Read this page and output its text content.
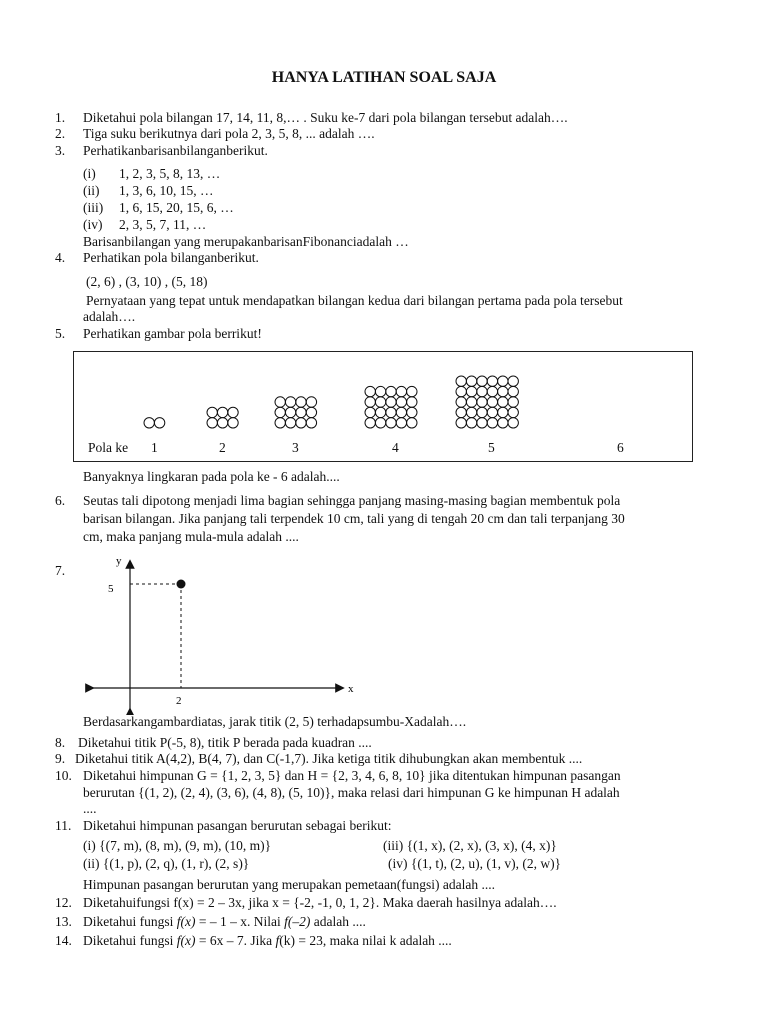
HANYA LATIHAN SOAL SAJA
1.	Diketahui pola bilangan 17, 14, 11, 8,… . Suku ke-7 dari pola bilangan tersebut adalah….
2.	Tiga suku berikutnya dari pola 2, 3, 5, 8, ... adalah ….
3.	Perhatikanbarisanbilanganberikut.
(i) 1, 2, 3, 5, 8, 13, …
(ii) 1, 3, 6, 10, 15, …
(iii) 1, 6, 15, 20, 15, 6, …
(iv) 2, 3, 5, 7, 11, …
Barisanbilangan yang merupakanbarisanFibonanciadalah …
4.	Perhatikan pola bilanganberikut.
(2, 6) , (3, 10) , (5, 18)
Pernyataan yang tepat untuk mendapatkan bilangan kedua dari bilangan pertama pada pola tersebut
adalah….
5.	Perhatikan gambar pola berrikut!
Pola ke 1	2	3	4	5	6
Banyaknya lingkaran pada pola ke - 6 adalah....
6.	Seutas tali dipotong menjadi lima bagian sehingga panjang masing-masing bagian membentuk pola
barisan bilangan. Jika panjang tali terpendek 10 cm, tali yang di tengah 20 cm dan tali terpanjang 30
cm, maka panjang mula-mula adalah ....
7.
y
x
5
2
Berdasarkangambardiatas, jarak titik (2, 5) terhadapsumbu-Xadalah….
8. Diketahui titik P(-5, 8), titik P berada pada kuadran ....
9. Diketahui titik A(4,2), B(4, 7), dan C(-1,7). Jika ketiga titik dihubungkan akan membentuk ....
10. Diketahui himpunan G = {1, 2, 3, 5} dan H = {2, 3, 4, 6, 8, 10} jika ditentukan himpunan pasangan
berurutan {(1, 2), (2, 4), (3, 6), (4, 8), (5, 10)}, maka relasi dari himpunan G ke himpunan H adalah
....
11. Diketahui himpunan pasangan berurutan sebagai berikut:
(i) {(7, m), (8, m), (9, m), (10, m)}	(iii) {(1, x), (2, x), (3, x), (4, x)}
(ii) {(1, p), (2, q), (1, r), (2, s)}	(iv) {(1, t), (2, u), (1, v), (2, w)}
Himpunan pasangan berurutan yang merupakan pemetaan(fungsi) adalah ....
12. Diketahuifungsi f(x) = 2 – 3x, jika x = {-2, -1, 0, 1, 2}. Maka daerah hasilnya adalah….
13. Diketahui fungsi f(x) = – 1 – x. Nilai f(–2) adalah ....
14. Diketahui fungsi f(x) = 6x – 7. Jika f(k) = 23, maka nilai k adalah ....
